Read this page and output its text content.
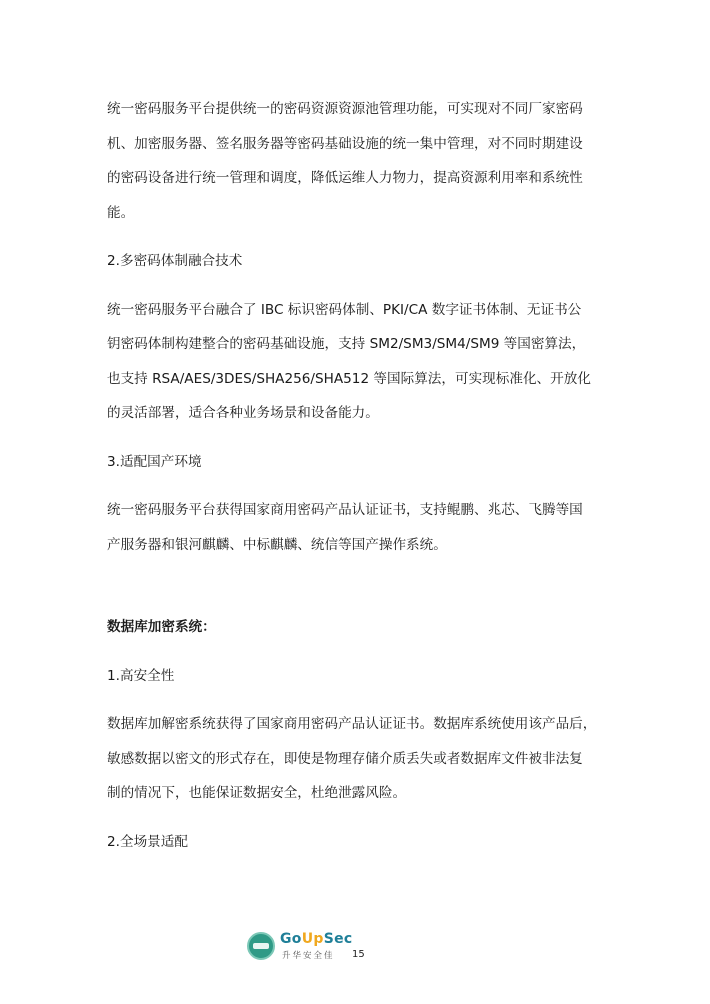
统一密码服务平台提供统一的密码资源资源池管理功能，可实现对不同厂家密码

机、加密服务器、签名服务器等密码基础设施的统一集中管理，对不同时期建设

的密码设备进行统一管理和调度，降低运维人力物力，提高资源利用率和系统性

能。

2.多密码体制融合技术

统一密码服务平台融合了 IBC 标识密码体制、PKI/CA 数字证书体制、无证书公

钥密码体制构建整合的密码基础设施，支持 SM2/SM3/SM4/SM9 等国密算法，

也支持 RSA/AES/3DES/SHA256/SHA512 等国际算法，可实现标准化、开放化

的灵活部署，适合各种业务场景和设备能力。

3.适配国产环境

统一密码服务平台获得国家商用密码产品认证证书，支持鲲鹏、兆芯、飞腾等国

产服务器和银河麒麟、中标麒麟、统信等国产操作系统。

数据库加密系统：
1.高安全性

数据库加解密系统获得了国家商用密码产品认证证书。数据库系统使用该产品后，

敏感数据以密文的形式存在，即使是物理存储介质丢失或者数据库文件被非法复

制的情况下，也能保证数据安全，杜绝泄露风险。

2.全场景适配
GoUpSec
升华安全佳 15
